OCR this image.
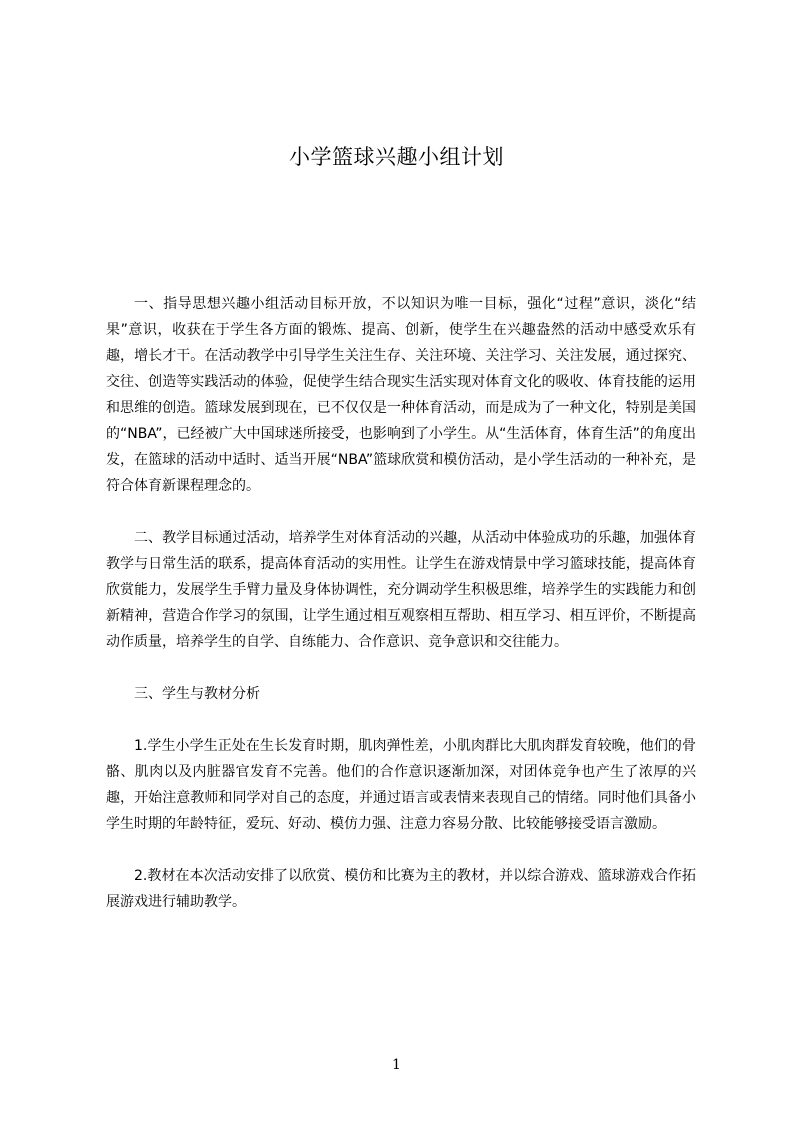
小学篮球兴趣小组计划

一、指导思想兴趣小组活动目标开放，不以知识为唯一目标，强化“过程”意识，淡化“结果”意识，收获在于学生各方面的锻炼、提高、创新，使学生在兴趣盎然的活动中感受欢乐有趣，增长才干。在活动教学中引导学生关注生存、关注环境、关注学习、关注发展，通过探究、交往、创造等实践活动的体验，促使学生结合现实生活实现对体育文化的吸收、体育技能的运用和思维的创造。篮球发展到现在，已不仅仅是一种体育活动，而是成为了一种文化，特别是美国的“NBA”，已经被广大中国球迷所接受，也影响到了小学生。从“生活体育，体育生活”的角度出发，在篮球的活动中适时、适当开展“NBA”篮球欣赏和模仿活动，是小学生活动的一种补充，是符合体育新课程理念的。

二、教学目标通过活动，培养学生对体育活动的兴趣，从活动中体验成功的乐趣，加强体育教学与日常生活的联系，提高体育活动的实用性。让学生在游戏情景中学习篮球技能，提高体育欣赏能力，发展学生手臂力量及身体协调性，充分调动学生积极思维，培养学生的实践能力和创新精神，营造合作学习的氛围，让学生通过相互观察相互帮助、相互学习、相互评价，不断提高动作质量，培养学生的自学、自练能力、合作意识、竞争意识和交往能力。

三、学生与教材分析

1.学生小学生正处在生长发育时期，肌肉弹性差，小肌肉群比大肌肉群发育较晚，他们的骨骼、肌肉以及内脏器官发育不完善。他们的合作意识逐渐加深，对团体竞争也产生了浓厚的兴趣，开始注意教师和同学对自己的态度，并通过语言或表情来表现自己的情绪。同时他们具备小学生时期的年龄特征，爱玩、好动、模仿力强、注意力容易分散、比较能够接受语言激励。

2.教材在本次活动安排了以欣赏、模仿和比赛为主的教材，并以综合游戏、篮球游戏合作拓展游戏进行辅助教学。

1
